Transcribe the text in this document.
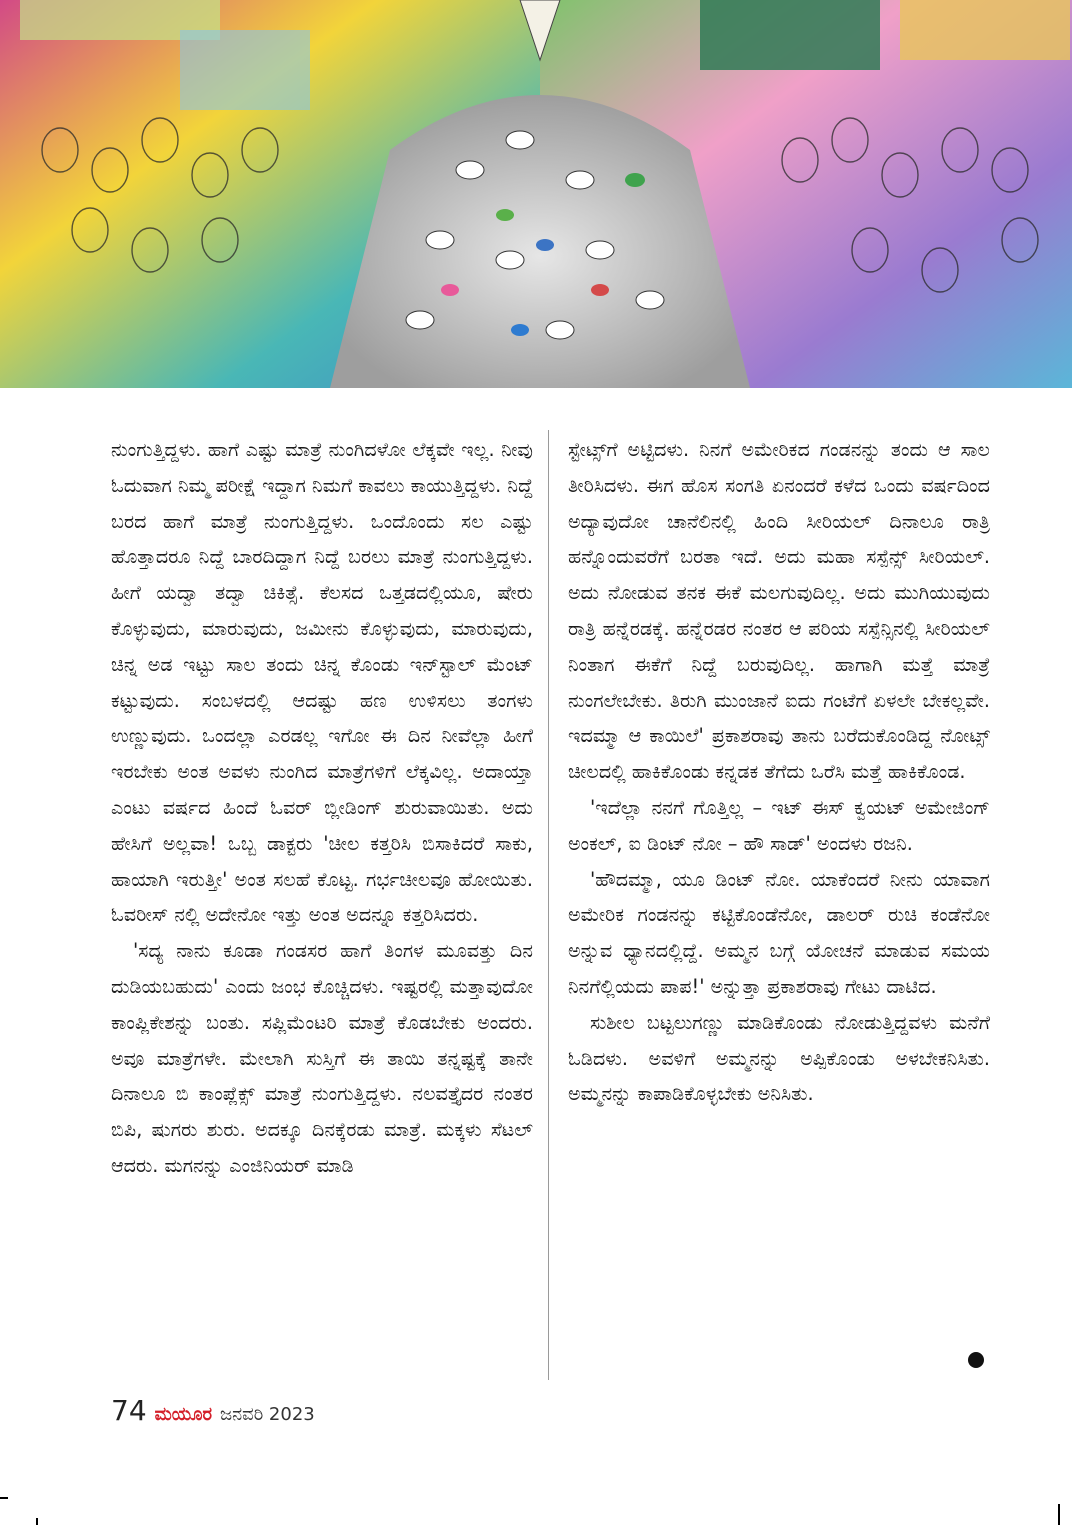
ನುಂಗುತ್ತಿದ್ದಳು. ಹಾಗೆ ಎಷ್ಟು ಮಾತ್ರೆ ನುಂಗಿದಳೋ ಲೆಕ್ಕವೇ ಇಲ್ಲ. ನೀವು ಓದುವಾಗ ನಿಮ್ಮ ಪರೀಕ್ಷೆ ಇದ್ದಾಗ ನಿಮಗೆ ಕಾವಲು ಕಾಯುತ್ತಿದ್ದಳು. ನಿದ್ದೆ ಬರದ ಹಾಗೆ ಮಾತ್ರೆ ನುಂಗುತ್ತಿದ್ದಳು. ಒಂದೊಂದು ಸಲ ಎಷ್ಟು ಹೊತ್ತಾದರೂ ನಿದ್ದೆ ಬಾರದಿದ್ದಾಗ ನಿದ್ದೆ ಬರಲು ಮಾತ್ರೆ ನುಂಗುತ್ತಿದ್ದಳು. ಹೀಗೆ ಯದ್ವಾ ತದ್ವಾ ಚಿಕಿತ್ಸೆ. ಕೆಲಸದ ಒತ್ತಡದಲ್ಲಿಯೂ, ಷೇರು ಕೊಳ್ಳುವುದು, ಮಾರುವುದು, ಜಮೀನು ಕೊಳ್ಳುವುದು, ಮಾರುವುದು, ಚಿನ್ನ ಅಡ ಇಟ್ಟು ಸಾಲ ತಂದು ಚಿನ್ನ ಕೊಂಡು ಇನ್‌ಸ್ಟಾಲ್ ಮೆಂಟ್ ಕಟ್ಟುವುದು. ಸಂಬಳದಲ್ಲಿ ಆದಷ್ಟು ಹಣ ಉಳಿಸಲು ತಂಗಳು ಉಣ್ಣುವುದು. ಒಂದಲ್ಲಾ ಎರಡಲ್ಲ ಇಗೋ ಈ ದಿನ ನೀವೆಲ್ಲಾ ಹೀಗೆ ಇರಬೇಕು ಅಂತ ಅವಳು ನುಂಗಿದ ಮಾತ್ರೆಗಳಿಗೆ ಲೆಕ್ಕವಿಲ್ಲ. ಅದಾಯ್ತಾ ಎಂಟು ವರ್ಷದ ಹಿಂದೆ ಓವರ್ ಬ್ಲೀಡಿಂಗ್ ಶುರುವಾಯಿತು. ಅದು ಹೇಸಿಗೆ ಅಲ್ಲವಾ! ಒಬ್ಬ ಡಾಕ್ಟರು 'ಚೀಲ ಕತ್ತರಿಸಿ ಬಿಸಾಕಿದರೆ ಸಾಕು, ಹಾಯಾಗಿ ಇರುತ್ತೀ' ಅಂತ ಸಲಹೆ ಕೊಟ್ಟ. ಗರ್ಭಚೀಲವೂ ಹೋಯಿತು. ಓವರೀಸ್ ನಲ್ಲಿ ಅದೇನೋ ಇತ್ತು ಅಂತ ಅದನ್ನೂ ಕತ್ತರಿಸಿದರು.

'ಸದ್ಯ ನಾನು ಕೂಡಾ ಗಂಡಸರ ಹಾಗೆ ತಿಂಗಳ ಮೂವತ್ತು ದಿನ ದುಡಿಯಬಹುದು' ಎಂದು ಜಂಭ ಕೊಚ್ಚಿದಳು. ಇಷ್ಟರಲ್ಲಿ ಮತ್ತಾವುದೋ ಕಾಂಪ್ಲಿಕೇಶನ್ನು ಬಂತು. ಸಪ್ಲಿಮೆಂಟರಿ ಮಾತ್ರೆ ಕೊಡಬೇಕು ಅಂದರು. ಅವೂ ಮಾತ್ರೆಗಳೇ. ಮೇಲಾಗಿ ಸುಸ್ತಿಗೆ ಈ ತಾಯಿ ತನ್ನಷ್ಟಕ್ಕೆ ತಾನೇ ದಿನಾಲೂ ಬಿ ಕಾಂಪ್ಲೆಕ್ಸ್ ಮಾತ್ರೆ ನುಂಗುತ್ತಿದ್ದಳು. ನಲವತ್ತೈದರ ನಂತರ ಬಿಪಿ, ಷುಗರು ಶುರು. ಅದಕ್ಕೂ ದಿನಕ್ಕೆರಡು ಮಾತ್ರೆ. ಮಕ್ಕಳು ಸೆಟಲ್ ಆದರು. ಮಗನನ್ನು ಎಂಜಿನಿಯರ್ ಮಾಡಿ

ಸ್ಟೇಟ್ಸ್‌ಗೆ ಅಟ್ಟಿದಳು. ನಿನಗೆ ಅಮೇರಿಕದ ಗಂಡನನ್ನು ತಂದು ಆ ಸಾಲ ತೀರಿಸಿದಳು. ಈಗ ಹೊಸ ಸಂಗತಿ ಏನಂದರೆ ಕಳೆದ ಒಂದು ವರ್ಷದಿಂದ ಅದ್ಯಾವುದೋ ಚಾನೆಲಿನಲ್ಲಿ ಹಿಂದಿ ಸೀರಿಯಲ್ ದಿನಾಲೂ ರಾತ್ರಿ ಹನ್ನೊಂದುವರೆಗೆ ಬರತಾ ಇದೆ. ಅದು ಮಹಾ ಸಸ್ಪೆನ್ಸ್ ಸೀರಿಯಲ್. ಅದು ನೋಡುವ ತನಕ ಈಕೆ ಮಲಗುವುದಿಲ್ಲ. ಅದು ಮುಗಿಯುವುದು ರಾತ್ರಿ ಹನ್ನೆರಡಕ್ಕೆ. ಹನ್ನೆರಡರ ನಂತರ ಆ ಪರಿಯ ಸಸ್ಪೆನ್ಸಿನಲ್ಲಿ ಸೀರಿಯಲ್ ನಿಂತಾಗ ಈಕೆಗೆ ನಿದ್ದೆ ಬರುವುದಿಲ್ಲ. ಹಾಗಾಗಿ ಮತ್ತೆ ಮಾತ್ರೆ ನುಂಗಲೇಬೇಕು. ತಿರುಗಿ ಮುಂಜಾನೆ ಐದು ಗಂಟೆಗೆ ಏಳಲೇ ಬೇಕಲ್ಲವೇ. ಇದಮ್ಮಾ ಆ ಕಾಯಿಲೆ' ಪ್ರಕಾಶರಾವು ತಾನು ಬರೆದುಕೊಂಡಿದ್ದ ನೋಟ್ಸ್ ಚೀಲದಲ್ಲಿ ಹಾಕಿಕೊಂಡು ಕನ್ನಡಕ ತೆಗೆದು ಒರೆಸಿ ಮತ್ತೆ ಹಾಕಿಕೊಂಡ.

'ಇದೆಲ್ಲಾ ನನಗೆ ಗೊತ್ತಿಲ್ಲ – ಇಟ್ ಈಸ್ ಕ್ವಯಟ್ ಅಮೇಜಿಂಗ್ ಅಂಕಲ್, ಐ ಡಿಂಟ್ ನೋ – ಹೌ ಸಾಡ್' ಅಂದಳು ರಜನಿ.

'ಹೌದಮ್ಮಾ, ಯೂ ಡಿಂಟ್ ನೋ. ಯಾಕೆಂದರೆ ನೀನು ಯಾವಾಗ ಅಮೇರಿಕ ಗಂಡನನ್ನು ಕಟ್ಟಿಕೊಂಡೆನೋ, ಡಾಲರ್ ರುಚಿ ಕಂಡೆನೋ ಅನ್ನುವ ಧ್ಯಾನದಲ್ಲಿದ್ದೆ. ಅಮ್ಮನ ಬಗ್ಗೆ ಯೋಚನೆ ಮಾಡುವ ಸಮಯ ನಿನಗೆಲ್ಲಿಯದು ಪಾಪ!' ಅನ್ನುತ್ತಾ ಪ್ರಕಾಶರಾವು ಗೇಟು ದಾಟಿದ.

ಸುಶೀಲ ಬಟ್ಟಲುಗಣ್ಣು ಮಾಡಿಕೊಂಡು ನೋಡುತ್ತಿದ್ದವಳು ಮನೆಗೆ ಓಡಿದಳು. ಅವಳಿಗೆ ಅಮ್ಮನನ್ನು ಅಪ್ಪಿಕೊಂಡು ಅಳಬೇಕನಿಸಿತು. ಅಮ್ಮನನ್ನು ಕಾಪಾಡಿಕೊಳ್ಳಬೇಕು ಅನಿಸಿತು.

74 ಮಯೂರ ಜನವರಿ 2023
